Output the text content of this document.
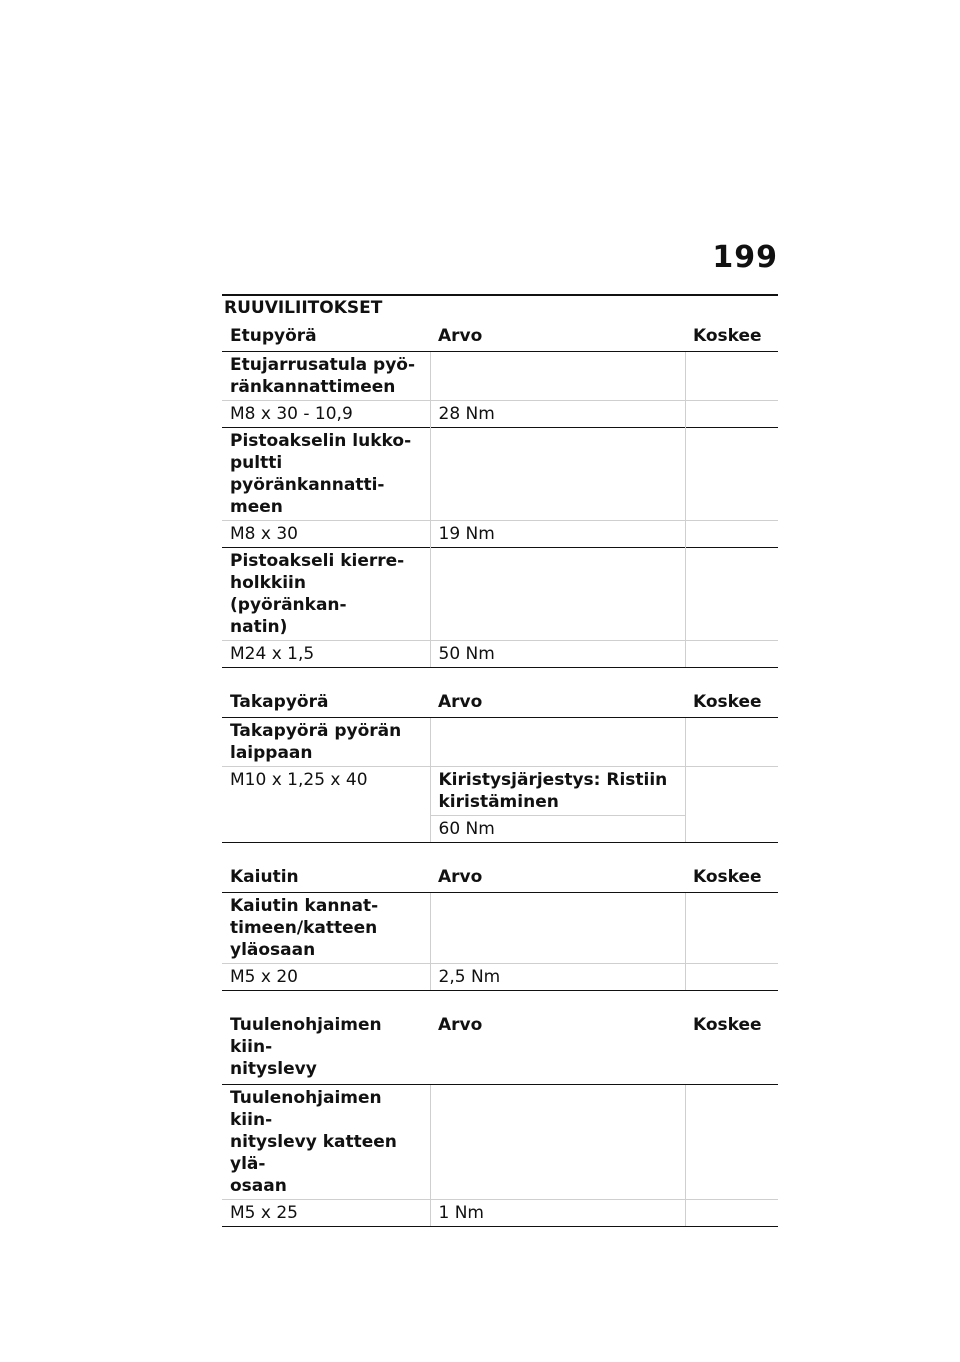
199
RUUVILIITOKSET
Etupyörä	Arvo	Koskee
Etujarrusatula pyö-
ränkannattimeen		
M8 x 30 - 10,9	28 Nm	
Pistoakselin lukko-
pultti pyöränkannatti-
meen		
M8 x 30	19 Nm	
Pistoakseli kierre-
holkkiin (pyöränkan-
natin)		
M24 x 1,5	50 Nm	
Takapyörä	Arvo	Koskee
Takapyörä pyörän
laippaan		
M10 x 1,25 x 40	Kiristysjärjestys: Ristiin
kiristäminen	
	60 Nm	
Kaiutin	Arvo	Koskee
Kaiutin kannat-
timeen/katteen
yläosaan		
M5 x 20	2,5 Nm	
Tuulenohjaimen kiin-
nityslevy	Arvo	Koskee
Tuulenohjaimen kiin-
nityslevy katteen ylä-
osaan		
M5 x 25	1 Nm	
